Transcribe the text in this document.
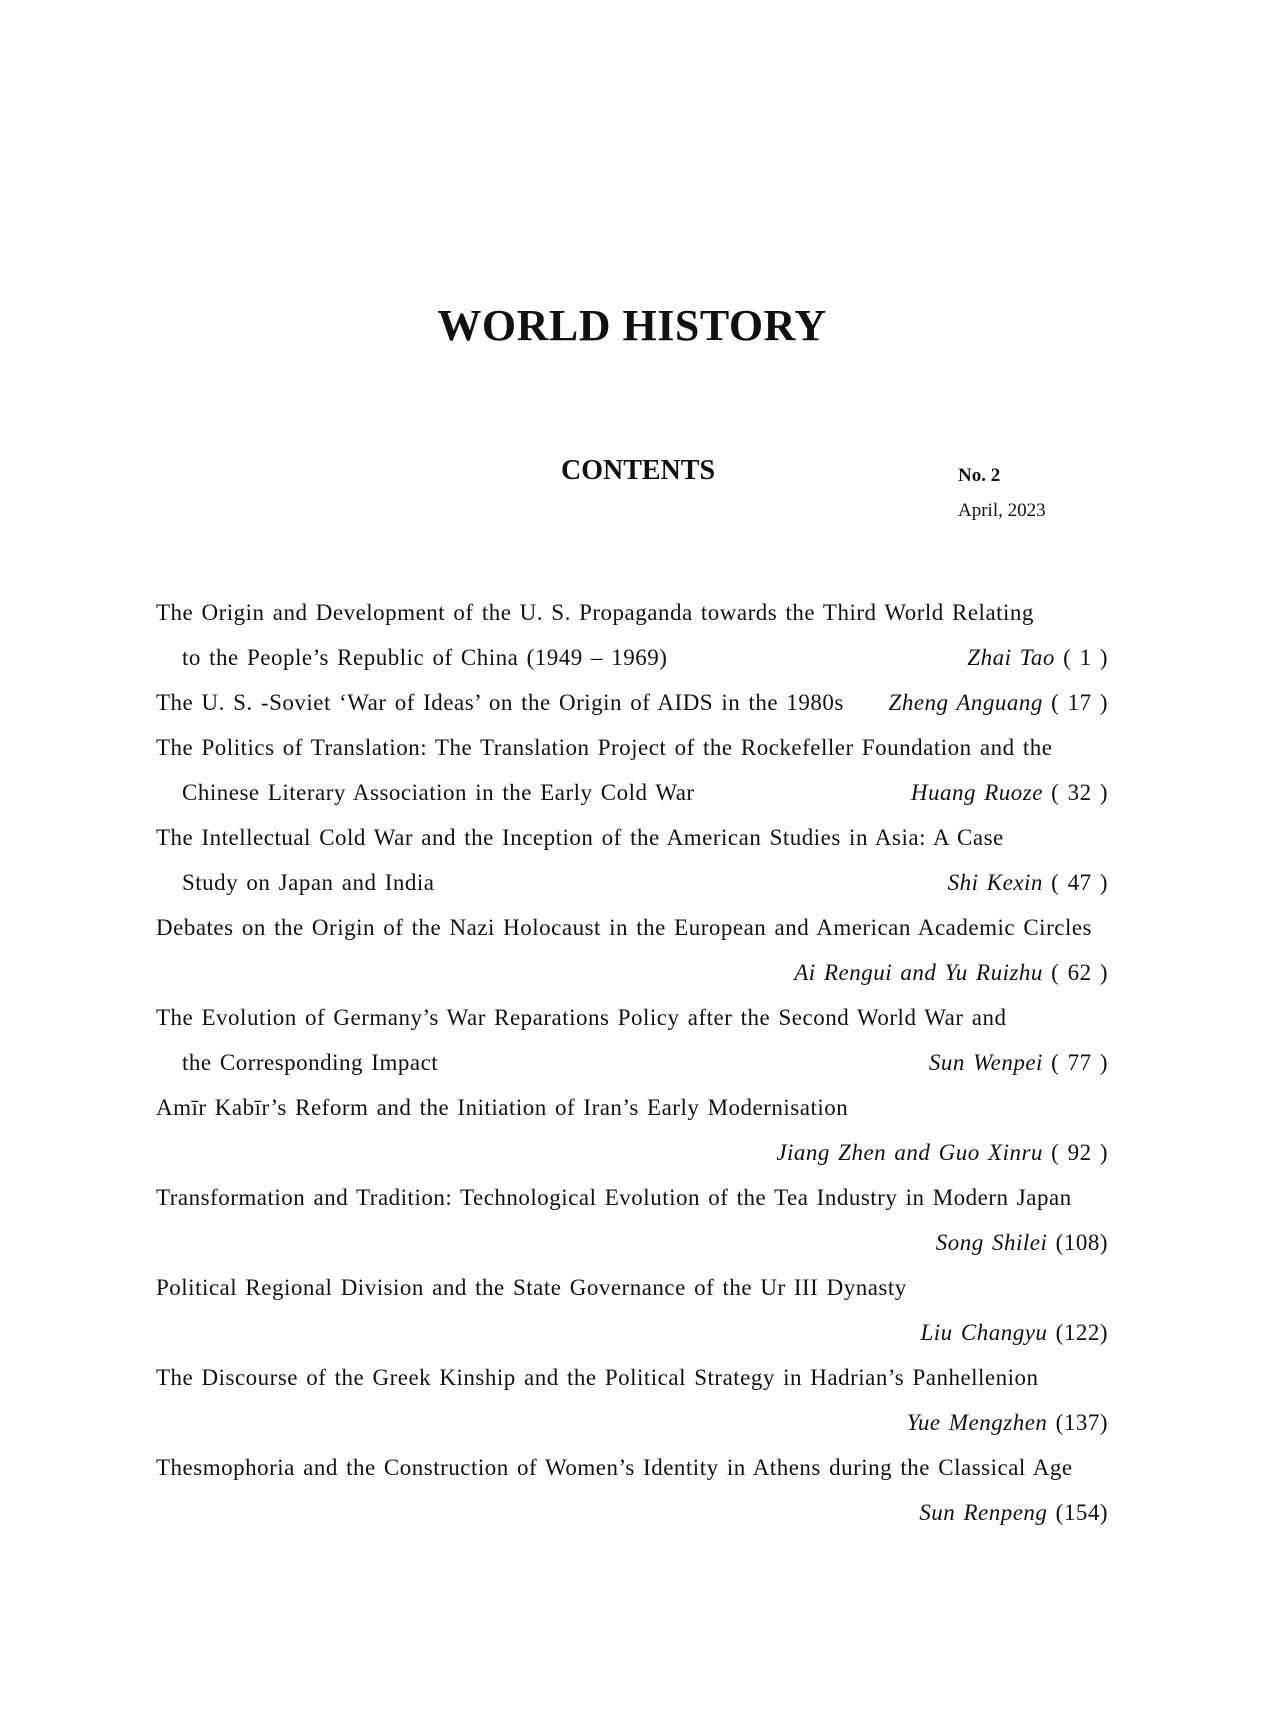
WORLD HISTORY
CONTENTS	No. 2
April, 2023
The Origin and Development of the U. S. Propaganda towards the Third World Relating
to the People’s Republic of China (1949 – 1969)	Zhai Tao ( 1 )
The U. S. -Soviet ‘War of Ideas’ on the Origin of AIDS in the 1980s Zheng Anguang ( 17 )
The Politics of Translation: The Translation Project of the Rockefeller Foundation and the
Chinese Literary Association in the Early Cold War	Huang Ruoze ( 32 )
The Intellectual Cold War and the Inception of the American Studies in Asia: A Case
Study on Japan and India	Shi Kexin ( 47 )
Debates on the Origin of the Nazi Holocaust in the European and American Academic Circles
Ai Rengui and Yu Ruizhu ( 62 )
The Evolution of Germany’s War Reparations Policy after the Second World War and
the Corresponding Impact	Sun Wenpei ( 77 )
Amīr Kabīr’s Reform and the Initiation of Iran’s Early Modernisation
Jiang Zhen and Guo Xinru ( 92 )
Transformation and Tradition: Technological Evolution of the Tea Industry in Modern Japan
Song Shilei (108)
Political Regional Division and the State Governance of the Ur III Dynasty
Liu Changyu (122)
The Discourse of the Greek Kinship and the Political Strategy in Hadrian’s Panhellenion
Yue Mengzhen (137)
Thesmophoria and the Construction of Women’s Identity in Athens during the Classical Age
Sun Renpeng (154)
